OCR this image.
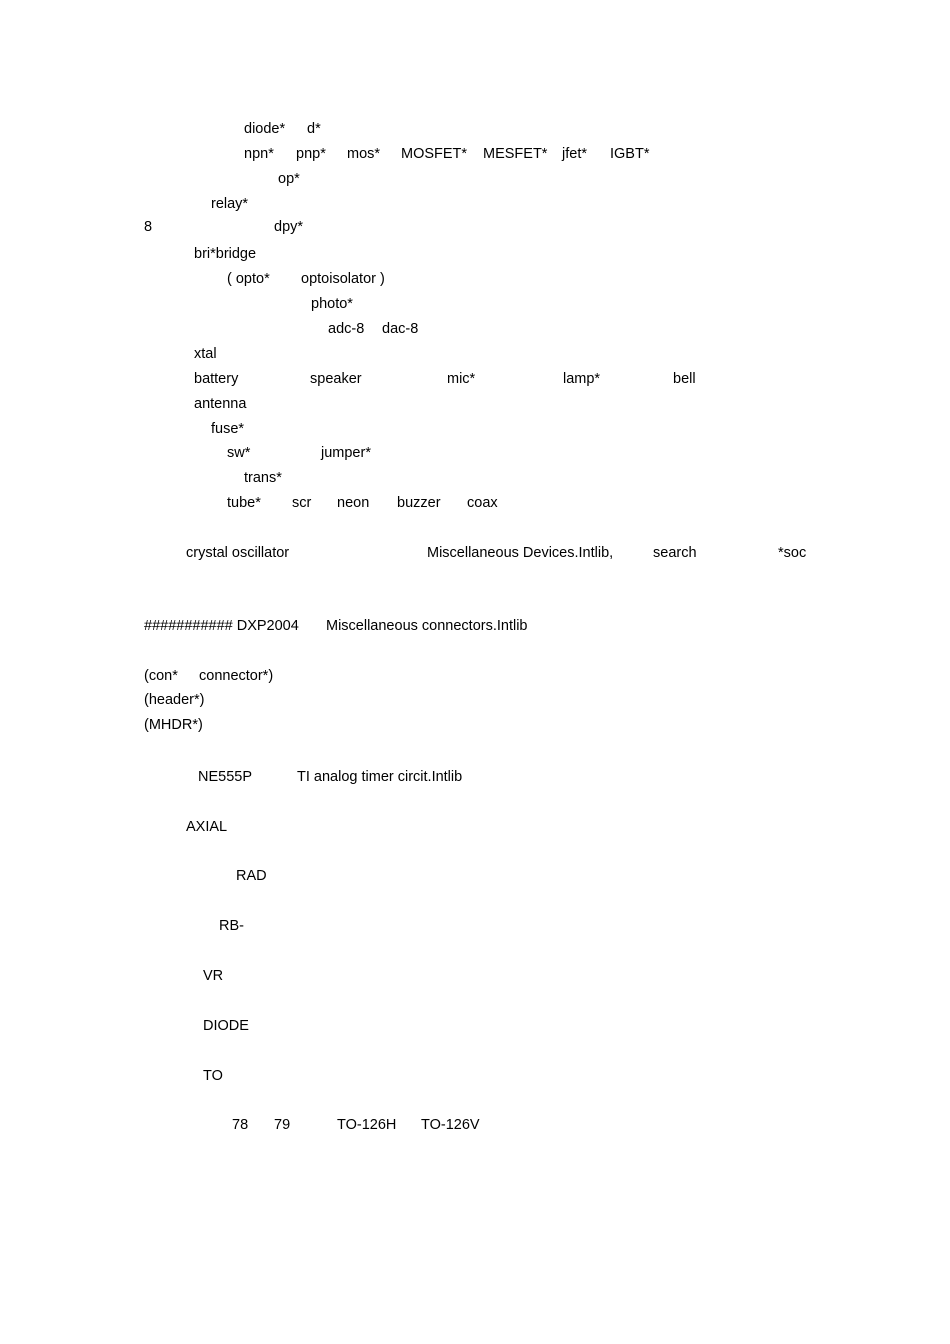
diode* d*
npn* pnp* mos* MOSFET* MESFET* jfet* IGBT*
op*
relay*
8	dpy*
bri*bridge
( opto* optoisolator )
photo*
adc-8 dac-8
xtal
battery	speaker	mic*	lamp*	bell
antenna
fuse*
sw*	jumper*
trans*
tube* scr neon buzzer coax
crystal oscillator	Miscellaneous Devices.Intlib,	search	*soc
########### DXP2004 Miscellaneous connectors.Intlib
(con* connector*)
(header*)
(MHDR*)
NE555P	TI analog timer circit.Intlib
AXIAL
RAD
RB-
VR
DIODE
TO
78 79	TO-126H TO-126V
